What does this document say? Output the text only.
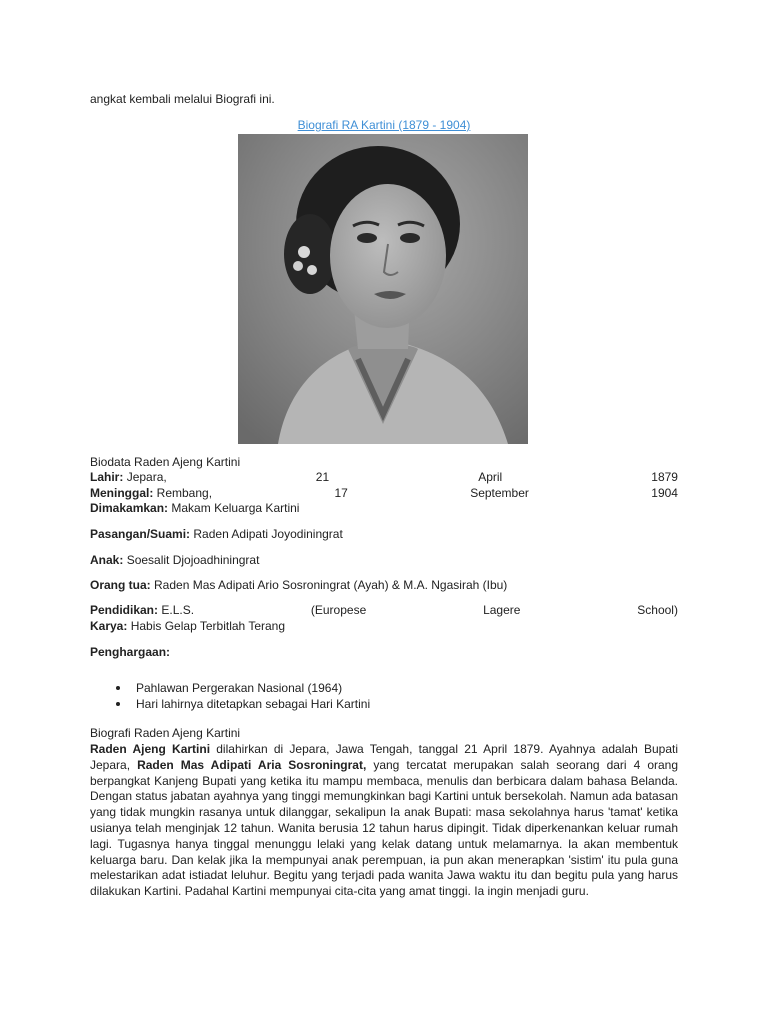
angkat kembali melalui Biografi ini.
Biografi RA Kartini (1879 - 1904)
Biodata Raden Ajeng Kartini
Lahir: Jepara,	21	April	1879
Meninggal: Rembang,	17	September	1904
Dimakamkan: Makam Keluarga Kartini
Pasangan/Suami: Raden Adipati Joyodiningrat
Anak: Soesalit Djojoadhiningrat
Orang tua: Raden Mas Adipati Ario Sosroningrat (Ayah) & M.A. Ngasirah (Ibu)
Pendidikan: E.L.S.	(Europese	Lagere	School)
Karya: Habis Gelap Terbitlah Terang
Penghargaan:
Pahlawan Pergerakan Nasional (1964)
Hari lahirnya ditetapkan sebagai Hari Kartini
Biografi Raden Ajeng Kartini

Raden Ajeng Kartini dilahirkan di Jepara, Jawa Tengah, tanggal 21 April 1879. Ayahnya adalah Bupati Jepara, Raden Mas Adipati Aria Sosroningrat, yang tercatat merupakan salah seorang dari 4 orang berpangkat Kanjeng Bupati yang ketika itu mampu membaca, menulis dan berbicara dalam bahasa Belanda. Dengan status jabatan ayahnya yang tinggi memungkinkan bagi Kartini untuk bersekolah. Namun ada batasan yang tidak mungkin rasanya untuk dilanggar, sekalipun Ia anak Bupati: masa sekolahnya harus 'tamat' ketika usianya telah menginjak 12 tahun. Wanita berusia 12 tahun harus dipingit. Tidak diperkenankan keluar rumah lagi. Tugasnya hanya tinggal menunggu lelaki yang kelak datang untuk melamarnya. Ia akan membentuk keluarga baru. Dan kelak jika Ia mempunyai anak perempuan, ia pun akan menerapkan 'sistim' itu pula guna melestarikan adat istiadat leluhur. Begitu yang terjadi pada wanita Jawa waktu itu dan begitu pula yang harus dilakukan Kartini. Padahal Kartini mempunyai cita-cita yang amat tinggi. Ia ingin menjadi guru.
